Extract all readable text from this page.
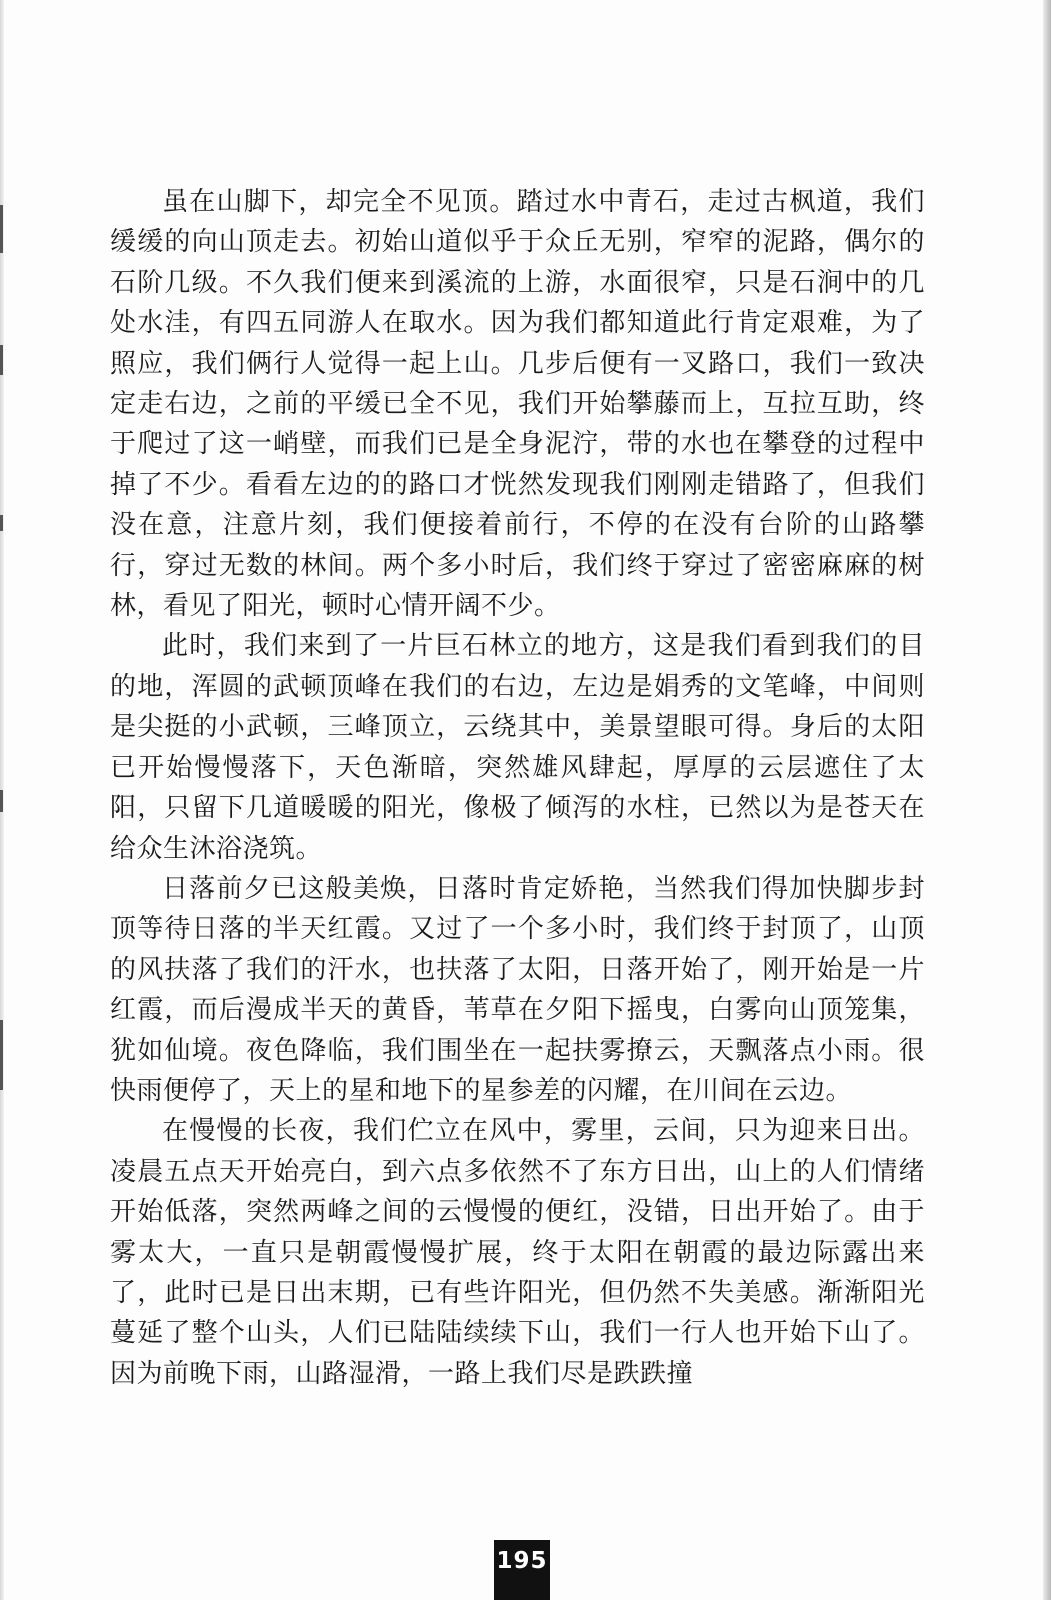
虽在山脚下，却完全不见顶。踏过水中青石，走过古枫道，我们缓缓的向山顶走去。初始山道似乎于众丘无别，窄窄的泥路，偶尔的石阶几级。不久我们便来到溪流的上游，水面很窄，只是石涧中的几处水洼，有四五同游人在取水。因为我们都知道此行肯定艰难，为了照应，我们俩行人觉得一起上山。几步后便有一叉路口，我们一致决定走右边，之前的平缓已全不见，我们开始攀藤而上，互拉互助，终于爬过了这一峭壁，而我们已是全身泥泞，带的水也在攀登的过程中掉了不少。看看左边的的路口才恍然发现我们刚刚走错路了，但我们没在意，注意片刻，我们便接着前行，不停的在没有台阶的山路攀行，穿过无数的林间。两个多小时后，我们终于穿过了密密麻麻的树林，看见了阳光，顿时心情开阔不少。

此时，我们来到了一片巨石林立的地方，这是我们看到我们的目的地，浑圆的武顿顶峰在我们的右边，左边是娟秀的文笔峰，中间则是尖挺的小武顿，三峰顶立，云绕其中，美景望眼可得。身后的太阳已开始慢慢落下，天色渐暗，突然雄风肆起，厚厚的云层遮住了太阳，只留下几道暖暖的阳光，像极了倾泻的水柱，已然以为是苍天在给众生沐浴浇筑。

日落前夕已这般美焕，日落时肯定娇艳，当然我们得加快脚步封顶等待日落的半天红霞。又过了一个多小时，我们终于封顶了，山顶的风扶落了我们的汗水，也扶落了太阳，日落开始了，刚开始是一片红霞，而后漫成半天的黄昏，苇草在夕阳下摇曳，白雾向山顶笼集，犹如仙境。夜色降临，我们围坐在一起扶雾撩云，天飘落点小雨。很快雨便停了，天上的星和地下的星参差的闪耀，在川间在云边。

在慢慢的长夜，我们伫立在风中，雾里，云间，只为迎来日出。凌晨五点天开始亮白，到六点多依然不了东方日出，山上的人们情绪开始低落，突然两峰之间的云慢慢的便红，没错，日出开始了。由于雾太大，一直只是朝霞慢慢扩展，终于太阳在朝霞的最边际露出来了，此时已是日出末期，已有些许阳光，但仍然不失美感。渐渐阳光蔓延了整个山头，人们已陆陆续续下山，我们一行人也开始下山了。因为前晚下雨，山路湿滑，一路上我们尽是跌跌撞

195
